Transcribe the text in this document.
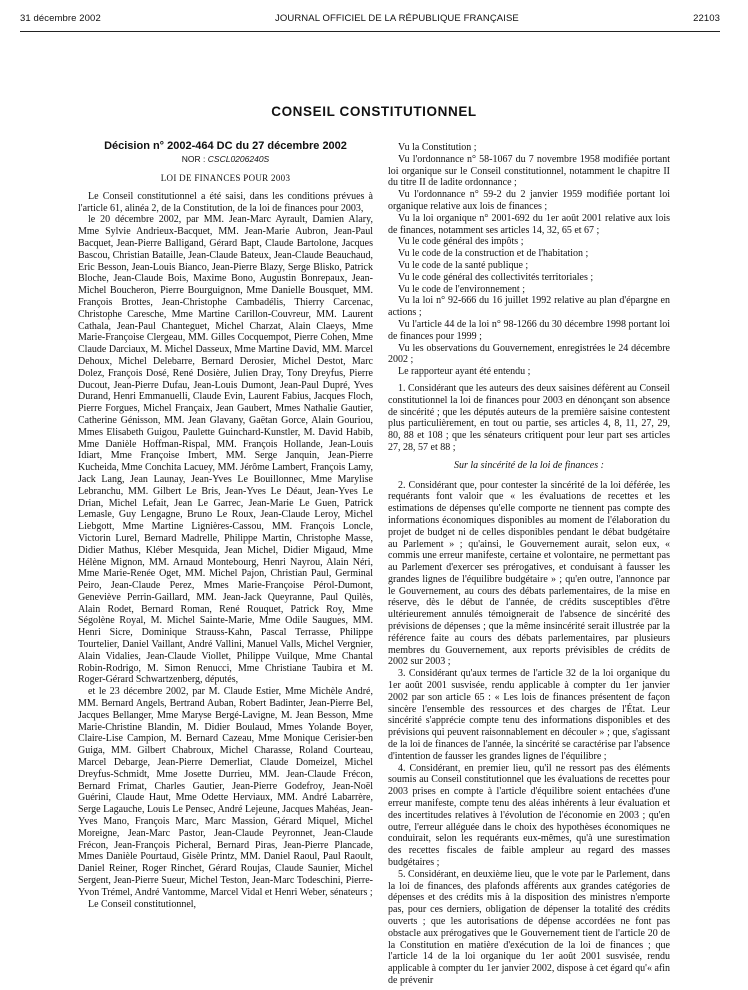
31 décembre 2002	JOURNAL OFFICIEL DE LA RÉPUBLIQUE FRANÇAISE	22103
CONSEIL CONSTITUTIONNEL
Décision n° 2002-464 DC du 27 décembre 2002
NOR : CSCL0206240S
LOI DE FINANCES POUR 2003

Le Conseil constitutionnel a été saisi, dans les conditions prévues à l'article 61, alinéa 2, de la Constitution, de la loi de finances pour 2003,

le 20 décembre 2002, par MM. Jean-Marc Ayrault, Damien Alary, Mme Sylvie Andrieux-Bacquet, MM. Jean-Marie Aubron, Jean-Paul Bacquet, Jean-Pierre Balligand, Gérard Bapt, Claude Bartolone, Jacques Bascou, Christian Bataille, Jean-Claude Bateux, Jean-Claude Beauchaud, Eric Besson, Jean-Louis Bianco, Jean-Pierre Blazy, Serge Blisko, Patrick Bloche, Jean-Claude Bois, Maxime Bono, Augustin Bonrepaux, Jean-Michel Boucheron, Pierre Bourguignon, Mme Danielle Bousquet, MM. François Brottes, Jean-Christophe Cambadélis, Thierry Carcenac, Christophe Caresche, Mme Martine Carillon-Couvreur, MM. Laurent Cathala, Jean-Paul Chanteguet, Michel Charzat, Alain Claeys, Mme Marie-Françoise Clergeau, MM. Gilles Cocquempot, Pierre Cohen, Mme Claude Darciaux, M. Michel Dasseux, Mme Martine David, MM. Marcel Dehoux, Michel Delebarre, Bernard Derosier, Michel Destot, Marc Dolez, François Dosé, René Dosière, Julien Dray, Tony Dreyfus, Pierre Ducout, Jean-Pierre Dufau, Jean-Louis Dumont, Jean-Paul Dupré, Yves Durand, Henri Emmanuelli, Claude Evin, Laurent Fabius, Jacques Floch, Pierre Forgues, Michel Françaix, Jean Gaubert, Mmes Nathalie Gautier, Catherine Génisson, MM. Jean Glavany, Gaëtan Gorce, Alain Gouriou, Mmes Elisabeth Guigou, Paulette Guinchard-Kunstler, M. David Habib, Mme Danièle Hoffman-Rispal, MM. François Hollande, Jean-Louis Idiart, Mme Françoise Imbert, MM. Serge Janquin, Jean-Pierre Kucheida, Mme Conchita Lacuey, MM. Jérôme Lambert, François Lamy, Jack Lang, Jean Launay, Jean-Yves Le Bouillonnec, Mme Marylise Lebranchu, MM. Gilbert Le Bris, Jean-Yves Le Déaut, Jean-Yves Le Drian, Michel Lefait, Jean Le Garrec, Jean-Marie Le Guen, Patrick Lemasle, Guy Lengagne, Bruno Le Roux, Jean-Claude Leroy, Michel Liebgott, Mme Martine Lignières-Cassou, MM. François Loncle, Victorin Lurel, Bernard Madrelle, Philippe Martin, Christophe Masse, Didier Mathus, Kléber Mesquida, Jean Michel, Didier Migaud, Mme Hélène Mignon, MM. Arnaud Montebourg, Henri Nayrou, Alain Néri, Mme Marie-Renée Oget, MM. Michel Pajon, Christian Paul, Germinal Peiro, Jean-Claude Perez, Mmes Marie-Françoise Pérol-Dumont, Geneviève Perrin-Gaillard, MM. Jean-Jack Queyranne, Paul Quilès, Alain Rodet, Bernard Roman, René Rouquet, Patrick Roy, Mme Ségolène Royal, M. Michel Sainte-Marie, Mme Odile Saugues, MM. Henri Sicre, Dominique Strauss-Kahn, Pascal Terrasse, Philippe Tourtelier, Daniel Vaillant, André Vallini, Manuel Valls, Michel Vergnier, Alain Vidalies, Jean-Claude Viollet, Philippe Vuilque, Mme Chantal Robin-Rodrigo, M. Simon Renucci, Mme Christiane Taubira et M. Roger-Gérard Schwartzenberg, députés,

et le 23 décembre 2002, par M. Claude Estier, Mme Michèle André, MM. Bernard Angels, Bertrand Auban, Robert Badinter, Jean-Pierre Bel, Jacques Bellanger, Mme Maryse Bergé-Lavigne, M. Jean Besson, Mme Marie-Christine Blandin, M. Didier Boulaud, Mmes Yolande Boyer, Claire-Lise Campion, M. Bernard Cazeau, Mme Monique Cerisier-ben Guiga, MM. Gilbert Chabroux, Michel Charasse, Roland Courteau, Marcel Debarge, Jean-Pierre Demerliat, Claude Domeizel, Michel Dreyfus-Schmidt, Mme Josette Durrieu, MM. Jean-Claude Frécon, Bernard Frimat, Charles Gautier, Jean-Pierre Godefroy, Jean-Noël Guérini, Claude Haut, Mme Odette Herviaux, MM. André Labarrère, Serge Lagauche, Louis Le Pensec, André Lejeune, Jacques Mahéas, Jean-Yves Mano, François Marc, Marc Massion, Gérard Miquel, Michel Moreigne, Jean-Marc Pastor, Jean-Claude Peyronnet, Jean-Claude Frécon, Jean-François Picheral, Bernard Piras, Jean-Pierre Plancade, Mmes Danièle Pourtaud, Gisèle Printz, MM. Daniel Raoul, Paul Raoult, Daniel Reiner, Roger Rinchet, Gérard Roujas, Claude Saunier, Michel Sergent, Jean-Pierre Sueur, Michel Teston, Jean-Marc Todeschini, Pierre-Yvon Trémel, André Vantomme, Marcel Vidal et Henri Weber, sénateurs ;

Le Conseil constitutionnel,

Vu la Constitution ;

Vu l'ordonnance n° 58-1067 du 7 novembre 1958 modifiée portant loi organique sur le Conseil constitutionnel, notamment le chapitre II du titre II de ladite ordonnance ;

Vu l'ordonnance n° 59-2 du 2 janvier 1959 modifiée portant loi organique relative aux lois de finances ;

Vu la loi organique n° 2001-692 du 1er août 2001 relative aux lois de finances, notamment ses articles 14, 32, 65 et 67 ;

Vu le code général des impôts ;

Vu le code de la construction et de l'habitation ;

Vu le code de la santé publique ;

Vu le code général des collectivités territoriales ;

Vu le code de l'environnement ;

Vu la loi n° 92-666 du 16 juillet 1992 relative au plan d'épargne en actions ;

Vu l'article 44 de la loi n° 98-1266 du 30 décembre 1998 portant loi de finances pour 1999 ;

Vu les observations du Gouvernement, enregistrées le 24 décembre 2002 ;

Le rapporteur ayant été entendu ;

1. Considérant que les auteurs des deux saisines défèrent au Conseil constitutionnel la loi de finances pour 2003 en dénonçant son absence de sincérité ; que les députés auteurs de la première saisine contestent plus particulièrement, en tout ou partie, ses articles 4, 8, 11, 27, 29, 80, 88 et 108 ; que les sénateurs critiquent pour leur part ses articles 27, 28, 57 et 88 ;

Sur la sincérité de la loi de finances :

2. Considérant que, pour contester la sincérité de la loi déférée, les requérants font valoir que « les évaluations de recettes et les estimations de dépenses qu'elle comporte ne tiennent pas compte des informations économiques disponibles au moment de l'élaboration du projet de budget ni de celles disponibles pendant le débat budgétaire au Parlement » ; qu'ainsi, le Gouvernement aurait, selon eux, « commis une erreur manifeste, certaine et volontaire, ne permettant pas au Parlement d'exercer ses prérogatives, et conduisant à fausser les grandes lignes de l'équilibre budgétaire » ; qu'en outre, l'annonce par le Gouvernement, au cours des débats parlementaires, de la mise en réserve, dès le début de l'année, de crédits susceptibles d'être ultérieurement annulés témoignerait de l'absence de sincérité des prévisions de dépenses ; que la même insincérité serait illustrée par la référence faite au cours des débats parlementaires, par plusieurs membres du Gouvernement, aux reports prévisibles de crédits de 2002 sur 2003 ;

3. Considérant qu'aux termes de l'article 32 de la loi organique du 1er août 2001 susvisée, rendu applicable à compter du 1er janvier 2002 par son article 65 : « Les lois de finances présentent de façon sincère l'ensemble des ressources et des charges de l'État. Leur sincérité s'apprécie compte tenu des informations disponibles et des prévisions qui peuvent raisonnablement en découler » ; que, s'agissant de la loi de finances de l'année, la sincérité se caractérise par l'absence d'intention de fausser les grandes lignes de l'équilibre ;

4. Considérant, en premier lieu, qu'il ne ressort pas des éléments soumis au Conseil constitutionnel que les évaluations de recettes pour 2003 prises en compte à l'article d'équilibre soient entachées d'une erreur manifeste, compte tenu des aléas inhérents à leur évaluation et des incertitudes relatives à l'évolution de l'économie en 2003 ; qu'en outre, l'erreur alléguée dans le choix des hypothèses économiques ne conduirait, selon les requérants eux-mêmes, qu'à une surestimation des recettes fiscales de faible ampleur au regard des masses budgétaires ;

5. Considérant, en deuxième lieu, que le vote par le Parlement, dans la loi de finances, des plafonds afférents aux grandes catégories de dépenses et des crédits mis à la disposition des ministres n'emporte pas, pour ces derniers, obligation de dépenser la totalité des crédits ouverts ; que les autorisations de dépense accordées ne font pas obstacle aux prérogatives que le Gouvernement tient de l'article 20 de la Constitution en matière d'exécution de la loi de finances ; que l'article 14 de la loi organique du 1er août 2001 susvisée, rendu applicable à compter du 1er janvier 2002, dispose à cet égard qu'« afin de prévenir
